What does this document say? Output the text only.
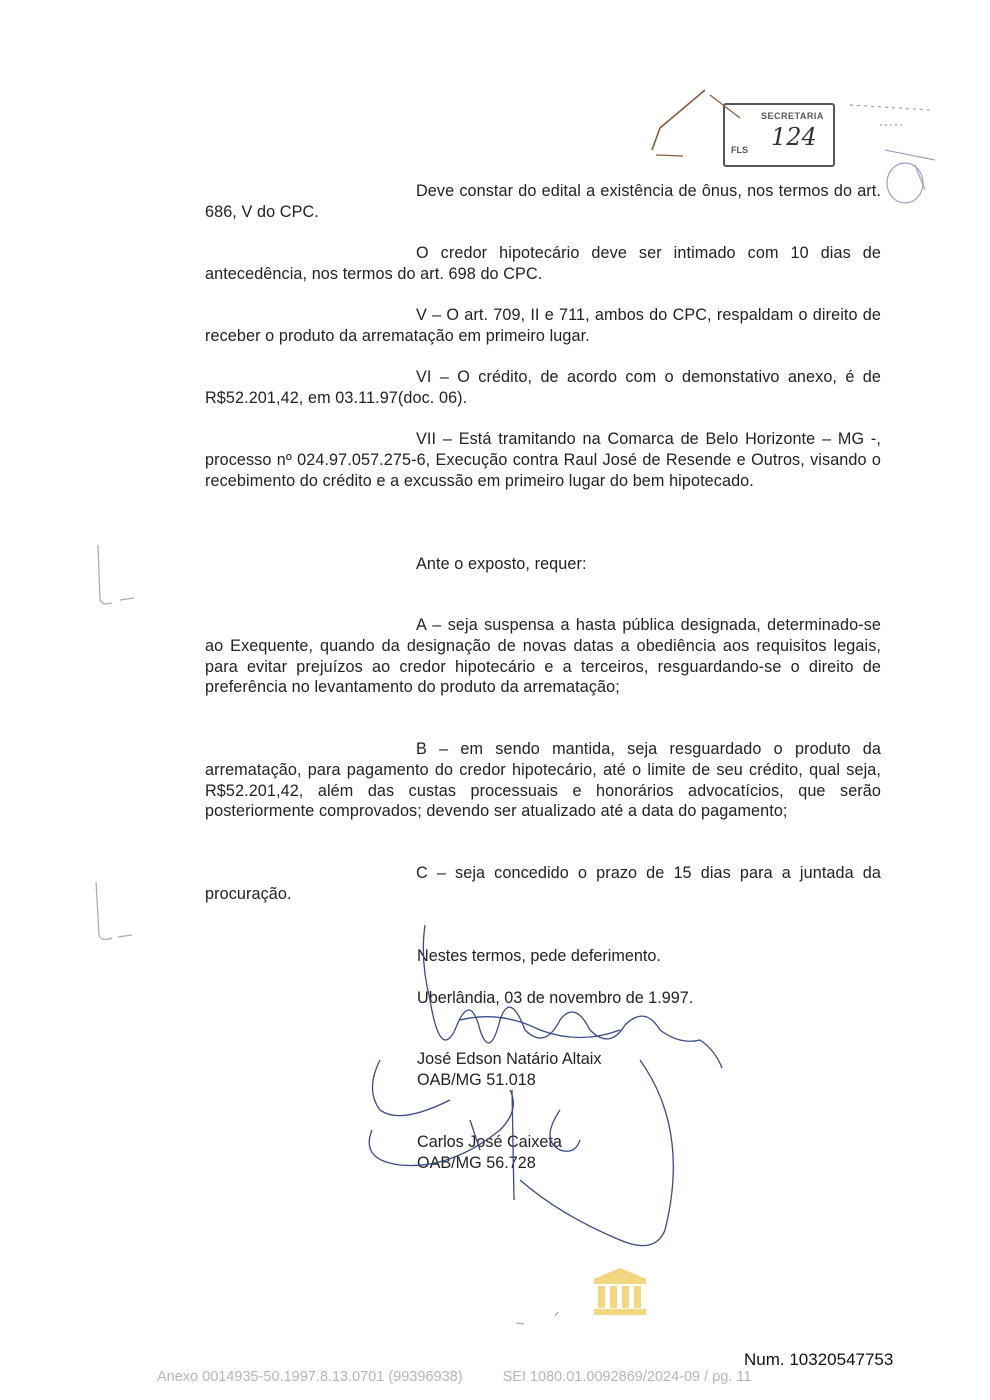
SECRETARIA
FLS 124
Deve constar do edital a existência de ônus, nos termos do art. 686, V do CPC.
O credor hipotecário deve ser intimado com 10 dias de antecedência, nos termos do art. 698 do CPC.
V – O art. 709, II e 711, ambos do CPC, respaldam o direito de receber o produto da arrematação em primeiro lugar.
VI – O crédito, de acordo com o demonstativo anexo, é de R$52.201,42, em 03.11.97(doc. 06).
VII – Está tramitando na Comarca de Belo Horizonte – MG -, processo nº 024.97.057.275-6, Execução contra Raul José de Resende e Outros, visando o recebimento do crédito e a excussão em primeiro lugar do bem hipotecado.
Ante o exposto, requer:
A – seja suspensa a hasta pública designada, determinado-se ao Exequente, quando da designação de novas datas a obediência aos requisitos legais, para evitar prejuízos ao credor hipotecário e a terceiros, resguardando-se o direito de preferência no levantamento do produto da arrematação;
B – em sendo mantida, seja resguardado o produto da arrematação, para pagamento do credor hipotecário, até o limite de seu crédito, qual seja, R$52.201,42, além das custas processuais e honorários advocatícios, que serão posteriormente comprovados; devendo ser atualizado até a data do pagamento;
C – seja concedido o prazo de 15 dias para a juntada da procuração.
Nestes termos, pede deferimento.
Uberlândia, 03 de novembro de 1.997.
José Edson Natário Altaix
OAB/MG 51.018
Carlos José Caixeta
OAB/MG 56.728
Num. 10320547753
Anexo 0014935-50.1997.8.13.0701 (99396938)	SEI 1080.01.0092869/2024-09 / pg. 11
